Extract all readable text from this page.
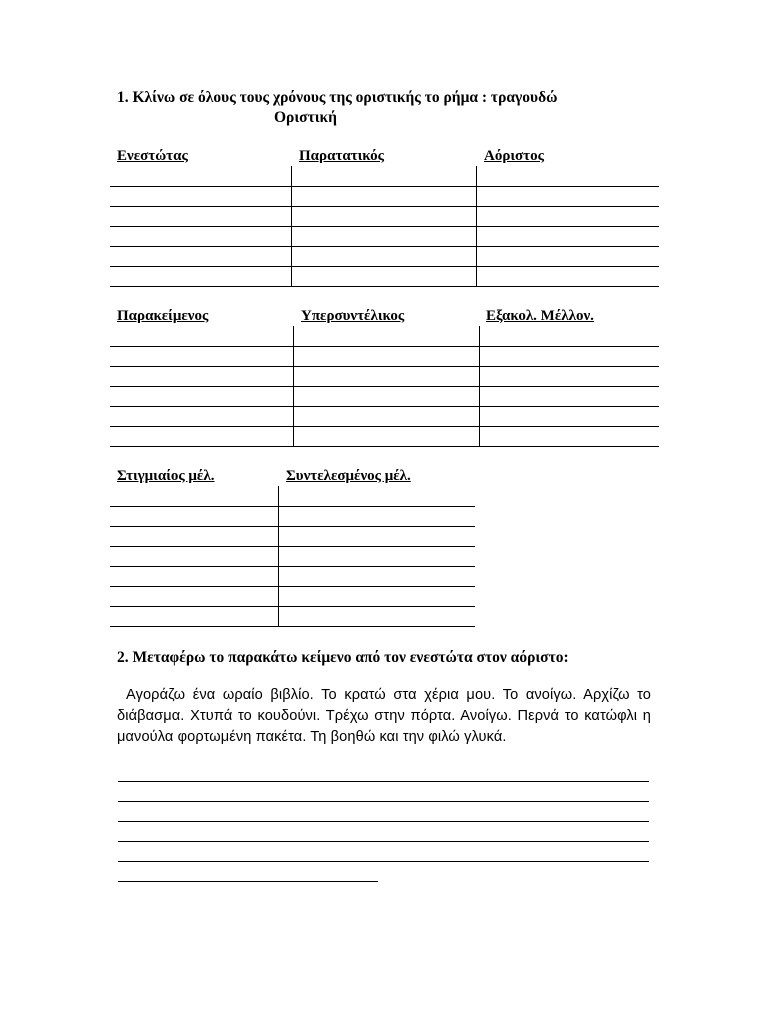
1. Κλίνω σε όλους τους χρόνους της οριστικής το ρήμα : τραγουδώ
Οριστική
Ενεστώτας	Παρατατικός	Αόριστος
Παρακείμενος	Υπερσυντέλικος	Εξακολ. Μέλλον.
Στιγμιαίος μέλ.	Συντελεσμένος μέλ.
2. Μεταφέρω το παρακάτω κείμενο από τον ενεστώτα στον αόριστο:
Αγοράζω ένα ωραίο βιβλίο. Το κρατώ στα χέρια μου. Το ανοίγω. Αρχίζω το διάβασμα. Χτυπά το κουδούνι. Τρέχω στην πόρτα. Ανοίγω. Περνά το κατώφλι η μανούλα φορτωμένη πακέτα. Τη βοηθώ και την φιλώ γλυκά.
